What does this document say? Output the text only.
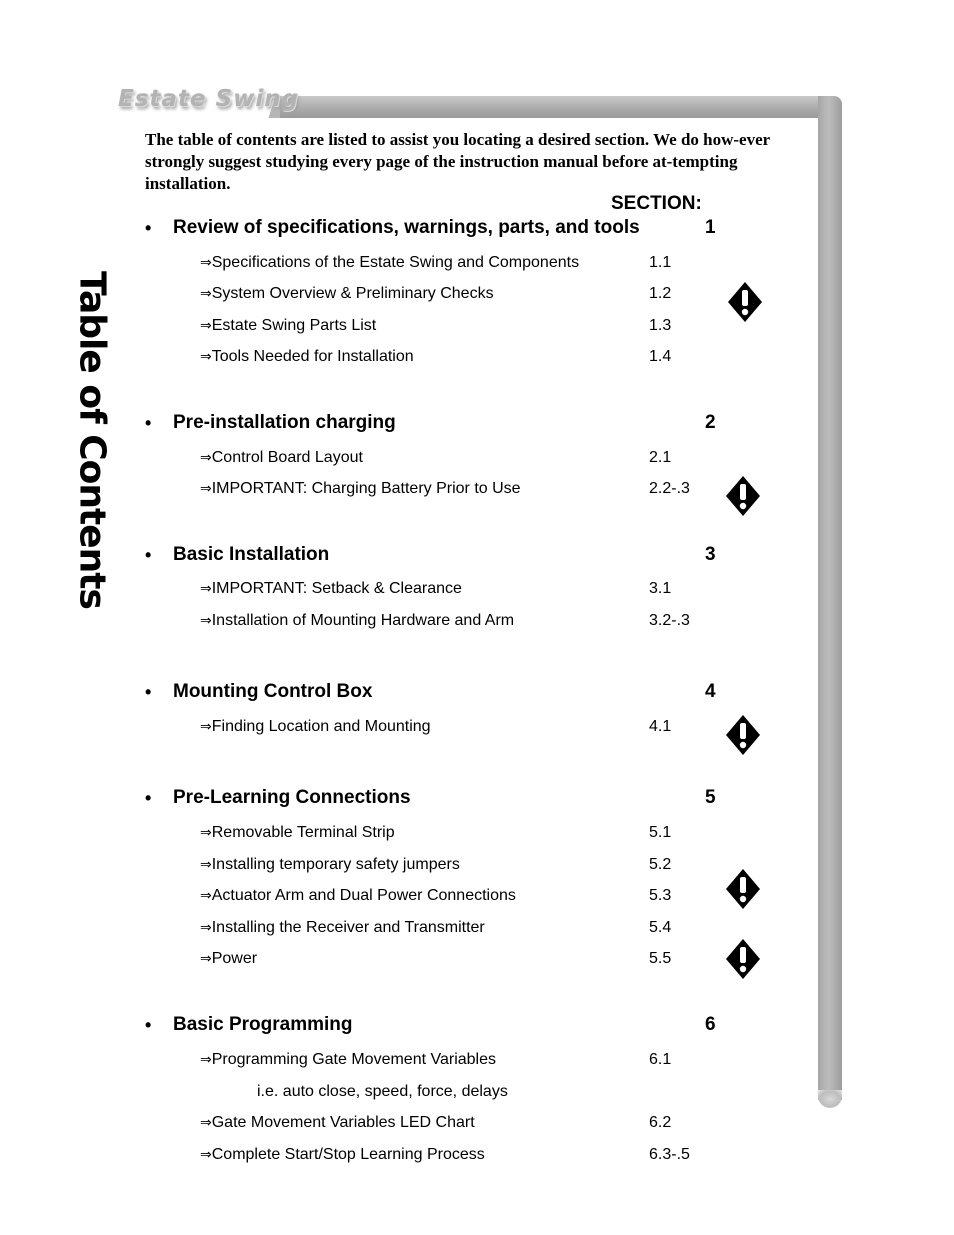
Estate Swing
Table of Contents
The table of contents are listed to assist you locating a desired section. We do how-ever strongly suggest studying every page of the instruction manual before at-tempting installation.
SECTION:
• Review of specifications, warnings, parts, and tools	1
⇒Specifications of the Estate Swing and Components	1.1
⇒System Overview & Preliminary Checks	1.2
⇒Estate Swing Parts List	1.3
⇒Tools Needed for Installation	1.4
• Pre-installation charging	2
⇒Control Board Layout	2.1
⇒IMPORTANT: Charging Battery Prior to Use	2.2-.3
• Basic Installation	3
⇒IMPORTANT: Setback & Clearance	3.1
⇒Installation of Mounting Hardware and Arm	3.2-.3
• Mounting Control Box	4
⇒Finding Location and Mounting	4.1
• Pre-Learning Connections	5
⇒Removable Terminal Strip	5.1
⇒Installing temporary safety jumpers	5.2
⇒Actuator Arm and Dual Power Connections	5.3
⇒Installing the Receiver and Transmitter	5.4
⇒Power	5.5
• Basic Programming	6
⇒Programming Gate Movement Variables	6.1
i.e. auto close, speed, force, delays
⇒Gate Movement Variables LED Chart	6.2
⇒Complete Start/Stop Learning Process	6.3-.5
